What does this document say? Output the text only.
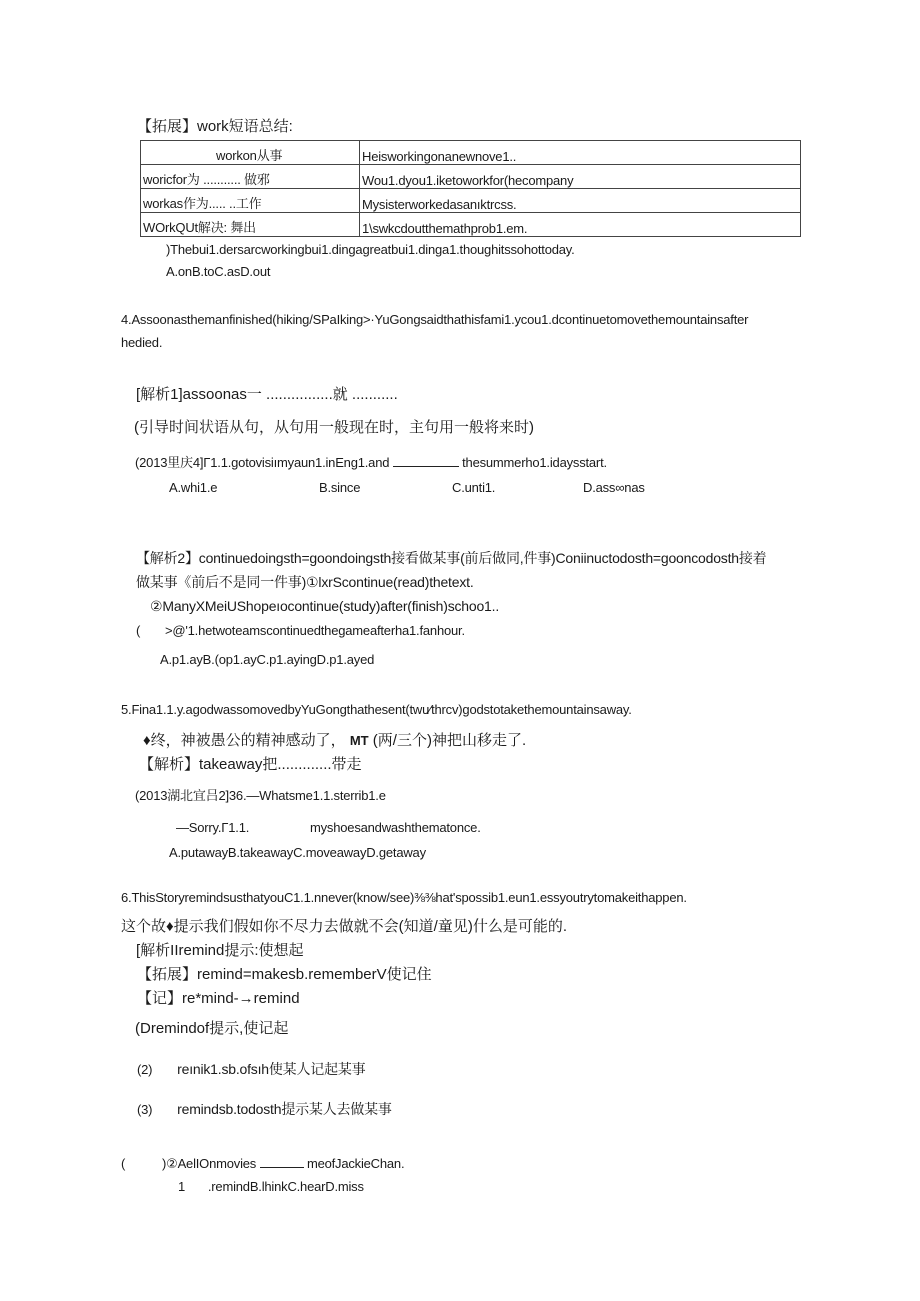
【拓展】work短语总结:
workon从事	Heisworkingonanewnove1..
woricfor为 ........... 做邪	Wou1.dyou1.iketoworkfor(hecompany
workas作为..... ..工作	Mysisterworkedasanıktrcss.
WOrkQUt解决: 舞出	1\swkcdoutthemathprob1.em.
)Thebui1.dersarcworkingbui1.dingagreatbui1.dinga1.thoughitssohottoday.
A.onB.toC.asD.out
4.Assoonasthemanfinished(hiking/SPaIking>·YuGongsaidthathisfami1.ycou1.dcontinuetomovethemountainsafter
hedied.
[解析1]assoonas一 ................就 ...........
(引导时间状语从句，从句用一般现在时，主句用一般将来时)
(2013里庆4]Γ1.1.gotovisiımyaun1.inEng1.and	thesummerho1.idaysstart.
A.whi1.e	B.since	C.unti1.	D.ass∞nas
【解析2】continuedoingsth=goondoingsth接看做某事(前后做同,件事)Coniinuctodosth=gooncodosth接着
做某事《前后不是同一件事)①lxrScontinue(read)thetext.
②ManyXMeiUShopeıocontinue(study)after(finish)schoo1..
( >@'1.hetwoteamscontinuedthegameafterha1.fanhour.
A.p1.ayB.(op1.ayC.p1.ayingD.p1.ayed
5.Fina1.1.y.agodwassomovedbyYuGongthathesent(twu⁄thrcv)godstotakethemountainsaway.
♦终，神被愚公的精神感动了， MT (两/三个)神把山移走了.
【解析】takeaway把.............带走
(2013湖北宜吕2]36.—Whatsme1.1.sterrib1.e
—Sorry.Γ1.1.	myshoesandwashthematonce.
A.putawayB.takeawayC.moveawayD.getaway
6.ThisStoryremindsusthatyouC1.1.nnever(know/see)⅜⅜hat'spossib1.eun1.essyoutrytomakeithappen.
这个故♦提示我们假如你不尽力去做就不会(知道/童见)什么是可能的.
[解析IIremind提示:使想起
【拓展】remind=makesb.rememberV使记住
【记】re*mind-→remind
(Dremindof提示,使记起
(2) reınik1.sb.ofsıh使某人记起某事
(3) remindsb.todosth提示某人去做某事
(	)②AelIOnmovies	meofJackieChan.
1 .remindB.lhinkC.hearD.miss
